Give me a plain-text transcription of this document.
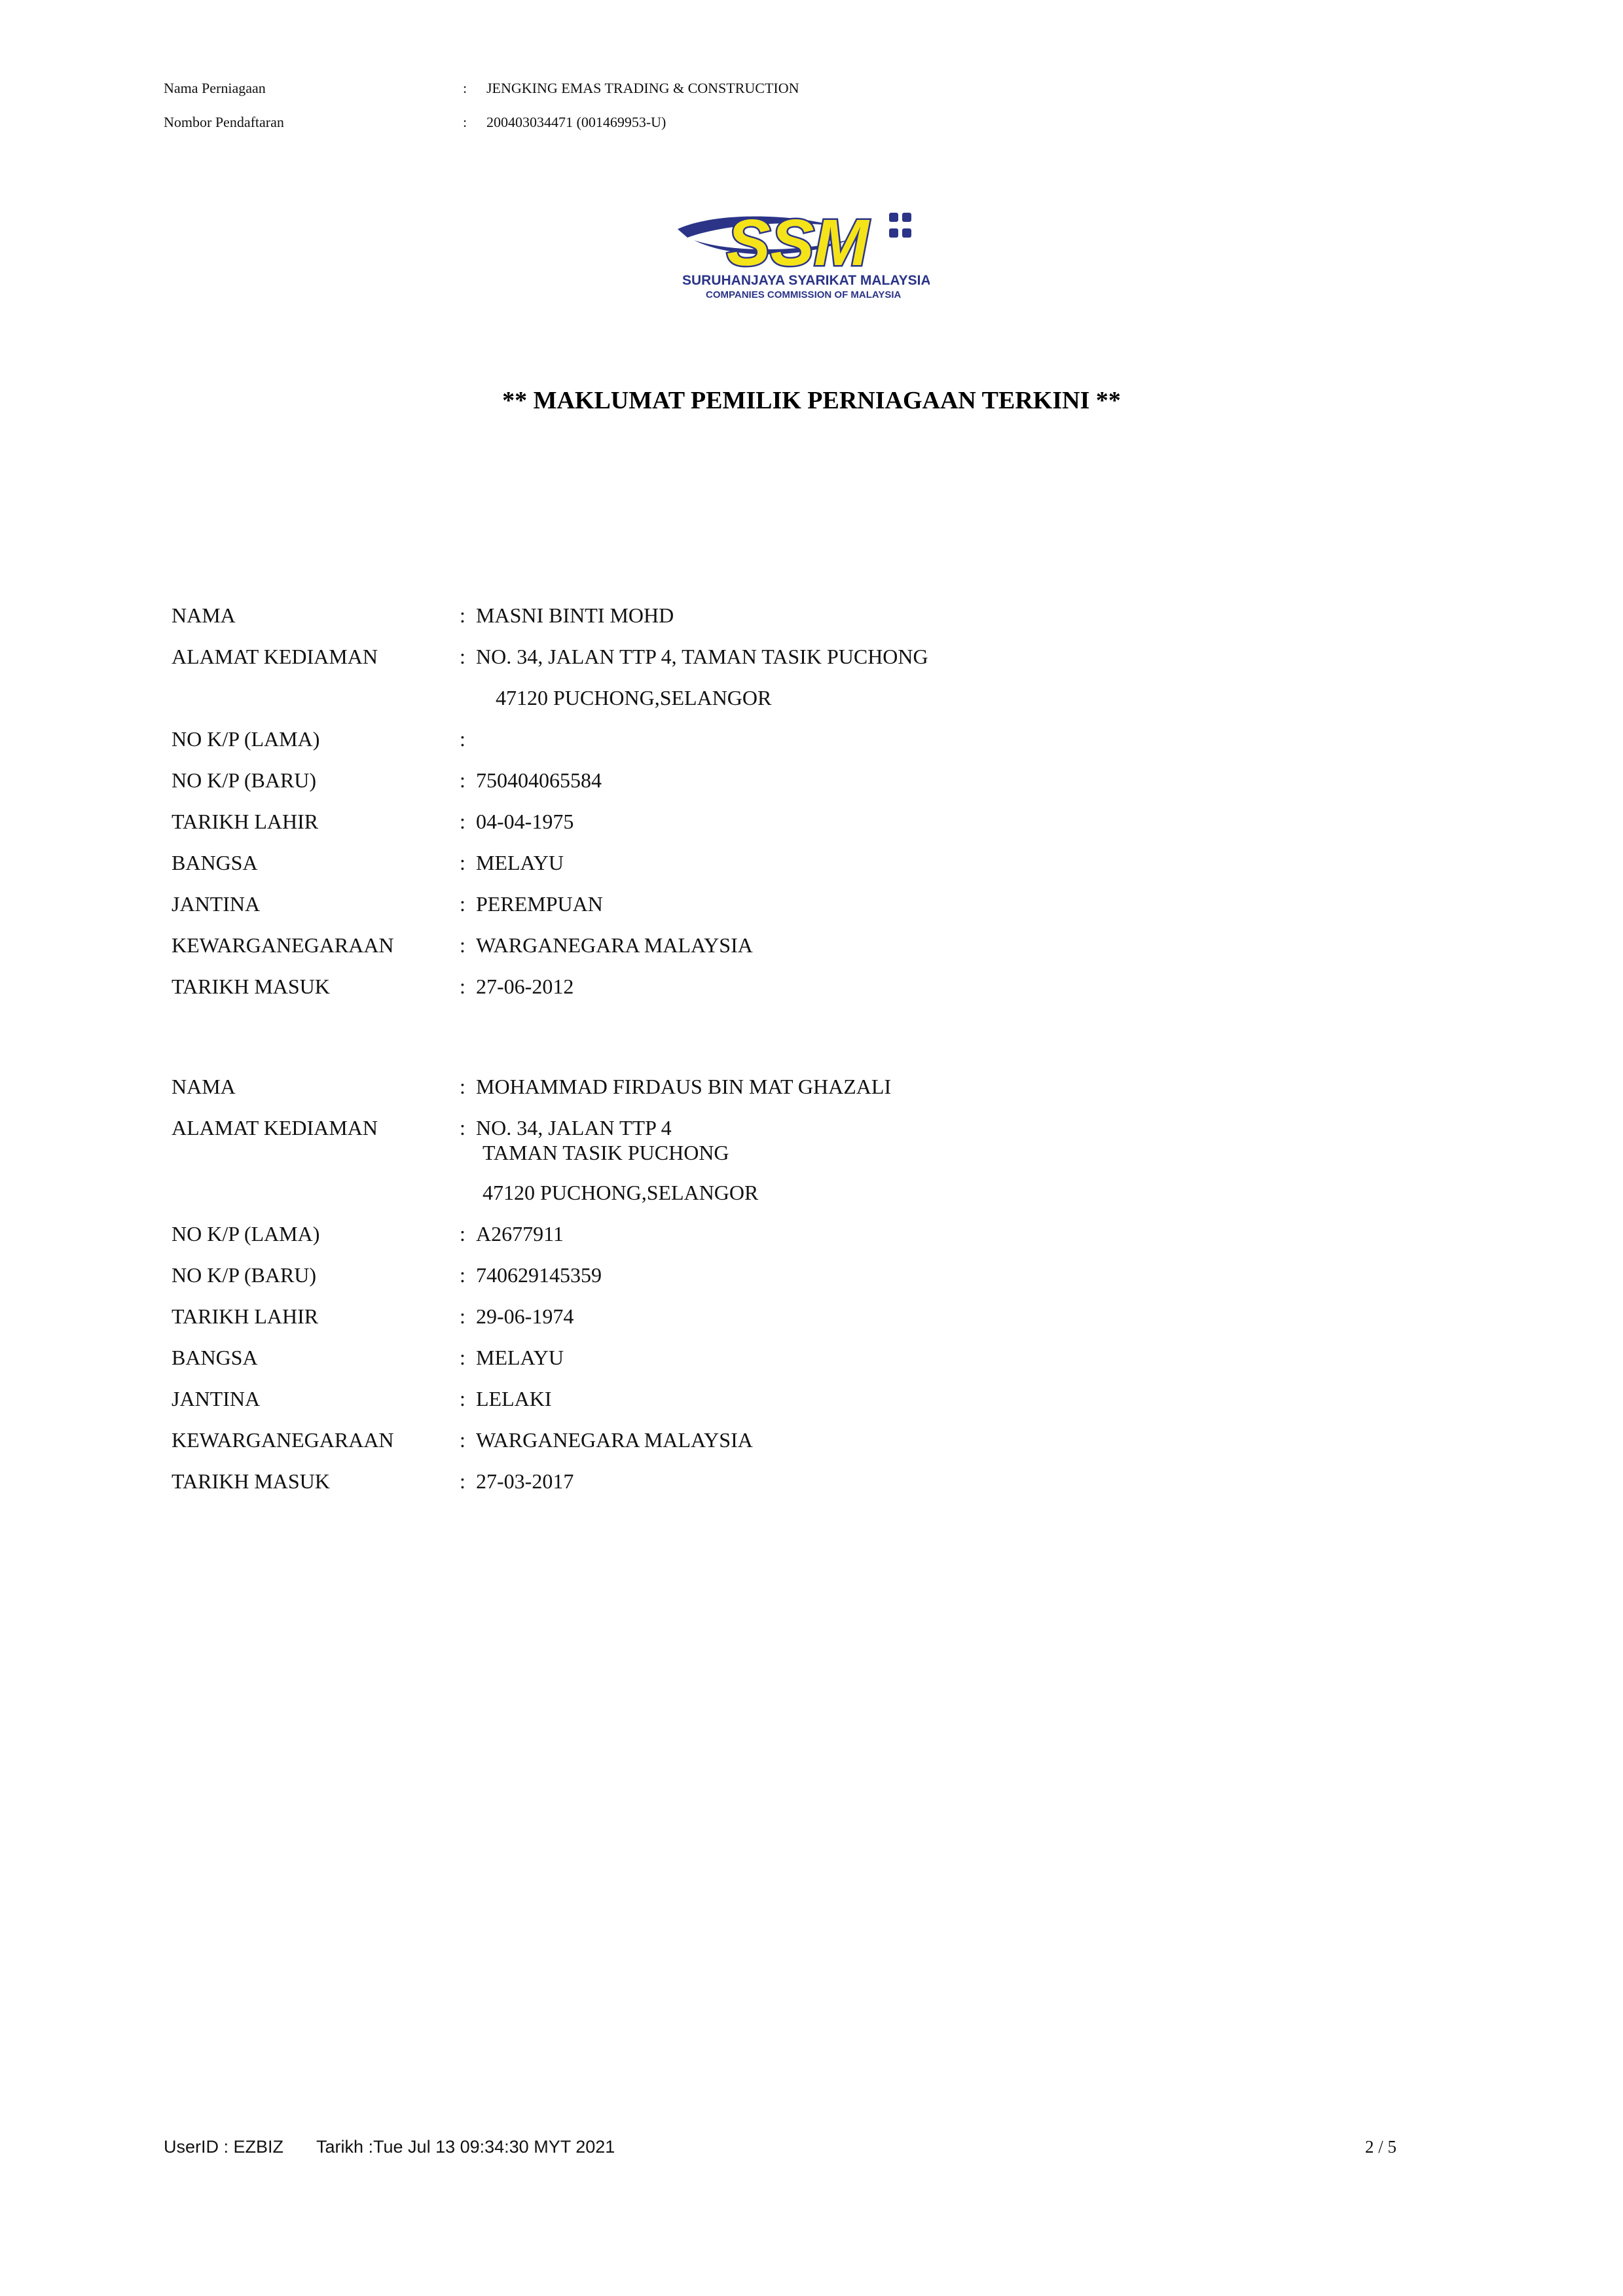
Nama Perniagaan	: JENGKING EMAS TRADING & CONSTRUCTION
Nombor Pendaftaran	: 200403034471 (001469953-U)
SSM
SURUHANJAYA SYARIKAT MALAYSIA
COMPANIES COMMISSION OF MALAYSIA
** MAKLUMAT PEMILIK PERNIAGAAN TERKINI **
NAMA	: MASNI BINTI MOHD
ALAMAT KEDIAMAN	: NO. 34, JALAN TTP 4, TAMAN TASIK PUCHONG
47120 PUCHONG,SELANGOR
NO K/P (LAMA)	:
NO K/P (BARU)	: 750404065584
TARIKH LAHIR	: 04-04-1975
BANGSA	: MELAYU
JANTINA	: PEREMPUAN
KEWARGANEGARAAN	: WARGANEGARA MALAYSIA
TARIKH MASUK	: 27-06-2012
NAMA	: MOHAMMAD FIRDAUS BIN MAT GHAZALI
ALAMAT KEDIAMAN	: NO. 34, JALAN TTP 4
TAMAN TASIK PUCHONG
47120 PUCHONG,SELANGOR
NO K/P (LAMA)	: A2677911
NO K/P (BARU)	: 740629145359
TARIKH LAHIR	: 29-06-1974
BANGSA	: MELAYU
JANTINA	: LELAKI
KEWARGANEGARAAN	: WARGANEGARA MALAYSIA
TARIKH MASUK	: 27-03-2017
UserID : EZBIZ Tarikh :Tue Jul 13 09:34:30 MYT 2021	2 / 5
